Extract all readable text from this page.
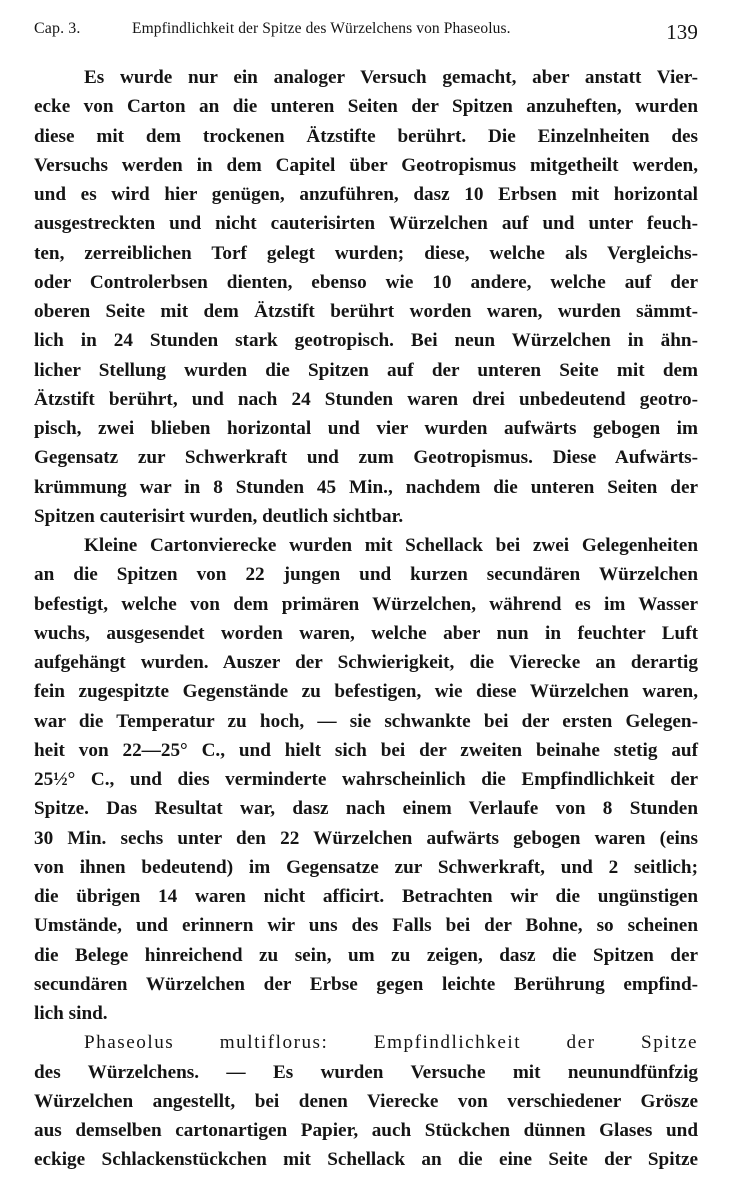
Cap. 3.	Empfindlichkeit der Spitze des Würzelchens von Phaseolus.	139
Es wurde nur ein analoger Versuch gemacht, aber anstatt Vier-
ecke von Carton an die unteren Seiten der Spitzen anzuheften, wurden
diese mit dem trockenen Ätzstifte berührt. Die Einzelnheiten des
Versuchs werden in dem Capitel über Geotropismus mitgetheilt werden,
und es wird hier genügen, anzuführen, dasz 10 Erbsen mit horizontal
ausgestreckten und nicht cauterisirten Würzelchen auf und unter feuch-
ten, zerreiblichen Torf gelegt wurden; diese, welche als Vergleichs-
oder Controlerbsen dienten, ebenso wie 10 andere, welche auf der
oberen Seite mit dem Ätzstift berührt worden waren, wurden sämmt-
lich in 24 Stunden stark geotropisch. Bei neun Würzelchen in ähn-
licher Stellung wurden die Spitzen auf der unteren Seite mit dem
Ätzstift berührt, und nach 24 Stunden waren drei unbedeutend geotro-
pisch, zwei blieben horizontal und vier wurden aufwärts gebogen im
Gegensatz zur Schwerkraft und zum Geotropismus. Diese Aufwärts-
krümmung war in 8 Stunden 45 Min., nachdem die unteren Seiten der
Spitzen cauterisirt wurden, deutlich sichtbar.
Kleine Cartonvierecke wurden mit Schellack bei zwei Gelegenheiten
an die Spitzen von 22 jungen und kurzen secundären Würzelchen
befestigt, welche von dem primären Würzelchen, während es im Wasser
wuchs, ausgesendet worden waren, welche aber nun in feuchter Luft
aufgehängt wurden. Auszer der Schwierigkeit, die Vierecke an derartig
fein zugespitzte Gegenstände zu befestigen, wie diese Würzelchen waren,
war die Temperatur zu hoch, — sie schwankte bei der ersten Gelegen-
heit von 22—25° C., und hielt sich bei der zweiten beinahe stetig auf
25½° C., und dies verminderte wahrscheinlich die Empfindlichkeit der
Spitze. Das Resultat war, dasz nach einem Verlaufe von 8 Stunden
30 Min. sechs unter den 22 Würzelchen aufwärts gebogen waren (eins
von ihnen bedeutend) im Gegensatze zur Schwerkraft, und 2 seitlich;
die übrigen 14 waren nicht afficirt. Betrachten wir die ungünstigen
Umstände, und erinnern wir uns des Falls bei der Bohne, so scheinen
die Belege hinreichend zu sein, um zu zeigen, dasz die Spitzen der
secundären Würzelchen der Erbse gegen leichte Berührung empfind-
lich sind.
Phaseolus multiflorus: Empfindlichkeit der Spitze
des Würzelchens. — Es wurden Versuche mit neunundfünfzig
Würzelchen angestellt, bei denen Vierecke von verschiedener Grösze
aus demselben cartonartigen Papier, auch Stückchen dünnen Glases und
eckige Schlackenstückchen mit Schellack an die eine Seite der Spitze
